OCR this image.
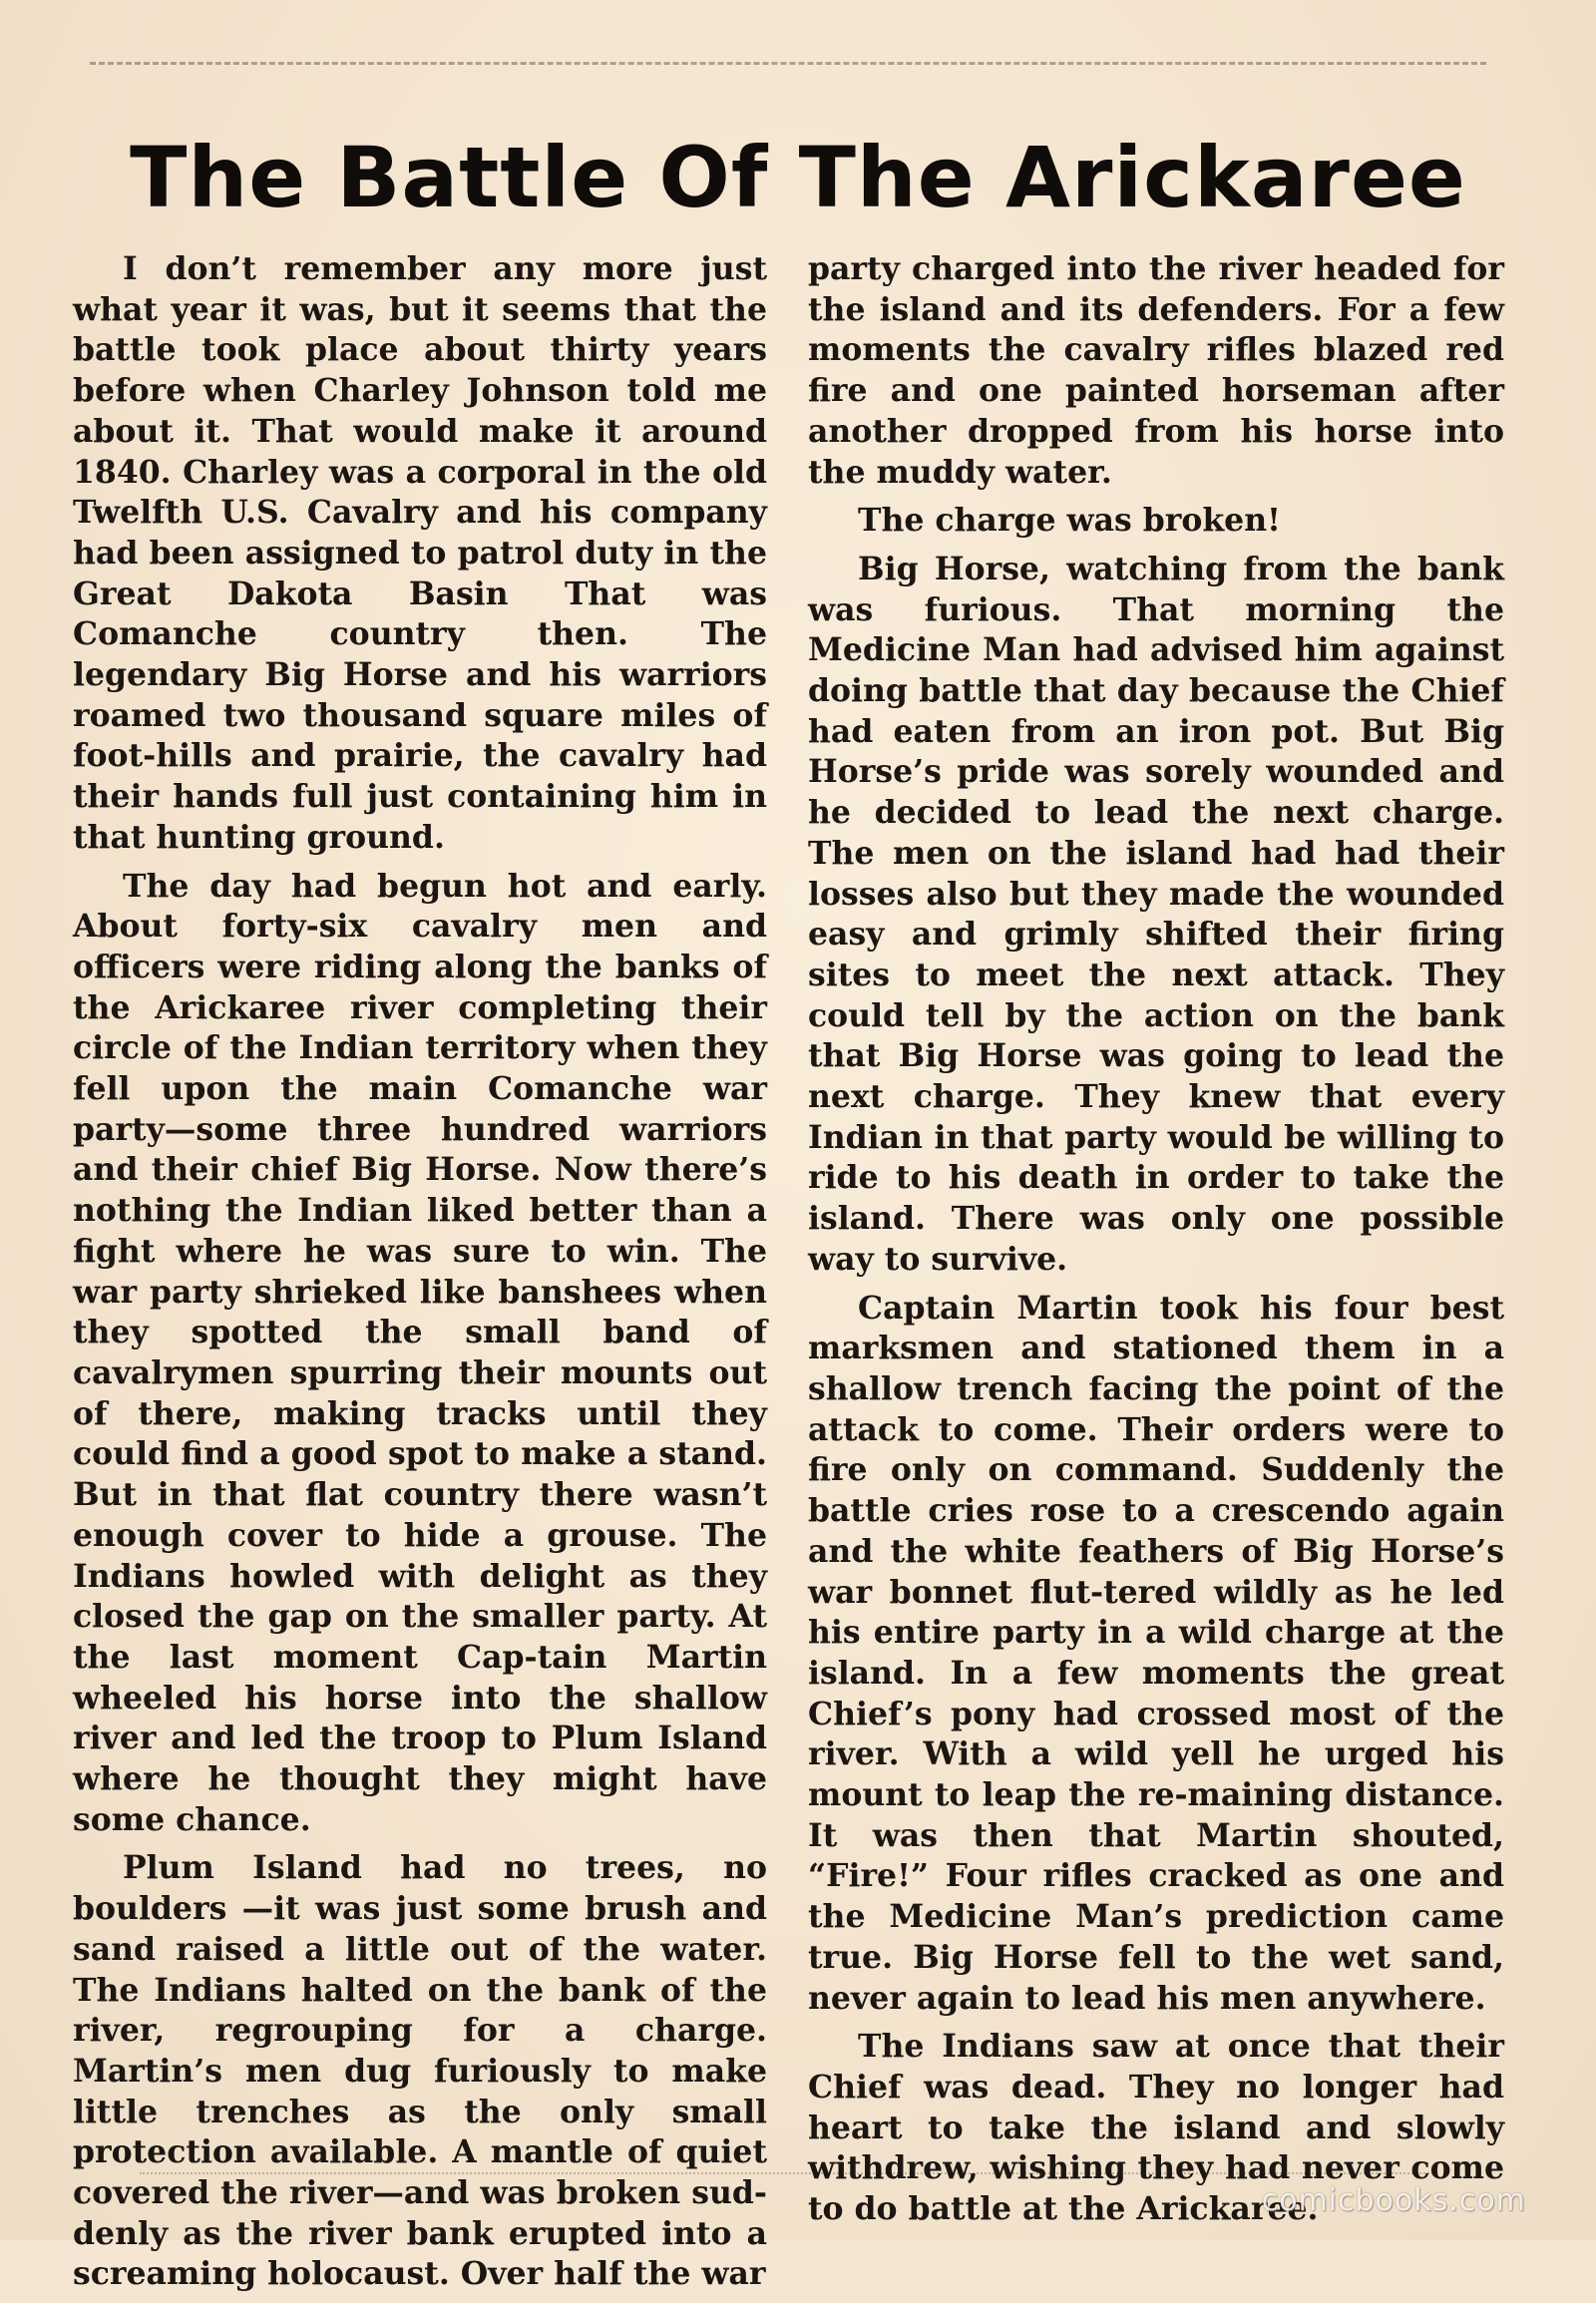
The Battle Of The Arickaree

I don’t remember any more just what year it was, but it seems that the battle took place about thirty years before when Charley Johnson told me about it. That would make it around 1840. Charley was a corporal in the old Twelfth U.S. Cavalry and his company had been assigned to patrol duty in the Great Dakota Basin That was Comanche country then. The legendary Big Horse and his warriors roamed two thousand square miles of foot-hills and prairie, the cavalry had their hands full just containing him in that hunting ground.

The day had begun hot and early. About forty-six cavalry men and officers were riding along the banks of the Arickaree river completing their circle of the Indian territory when they fell upon the main Comanche war party—some three hundred warriors and their chief Big Horse. Now there’s nothing the Indian liked better than a fight where he was sure to win. The war party shrieked like banshees when they spotted the small band of cavalrymen spurring their mounts out of there, making tracks until they could find a good spot to make a stand. But in that flat country there wasn’t enough cover to hide a grouse. The Indians howled with delight as they closed the gap on the smaller party. At the last moment Cap-tain Martin wheeled his horse into the shallow river and led the troop to Plum Island where he thought they might have some chance.

Plum Island had no trees, no boulders —it was just some brush and sand raised a little out of the water. The Indians halted on the bank of the river, regrouping for a charge. Martin’s men dug furiously to make little trenches as the only small protection available. A mantle of quiet covered the river—and was broken sud-denly as the river bank erupted into a screaming holocaust. Over half the war

party charged into the river headed for the island and its defenders. For a few moments the cavalry rifles blazed red fire and one painted horseman after another dropped from his horse into the muddy water.

The charge was broken!

Big Horse, watching from the bank was furious. That morning the Medicine Man had advised him against doing battle that day because the Chief had eaten from an iron pot. But Big Horse’s pride was sorely wounded and he decided to lead the next charge. The men on the island had had their losses also but they made the wounded easy and grimly shifted their firing sites to meet the next attack. They could tell by the action on the bank that Big Horse was going to lead the next charge. They knew that every Indian in that party would be willing to ride to his death in order to take the island. There was only one possible way to survive.

Captain Martin took his four best marksmen and stationed them in a shallow trench facing the point of the attack to come. Their orders were to fire only on command. Suddenly the battle cries rose to a crescendo again and the white feathers of Big Horse’s war bonnet flut-tered wildly as he led his entire party in a wild charge at the island. In a few moments the great Chief’s pony had crossed most of the river. With a wild yell he urged his mount to leap the re-maining distance. It was then that Martin shouted, “Fire!” Four rifles cracked as one and the Medicine Man’s prediction came true. Big Horse fell to the wet sand, never again to lead his men anywhere.

The Indians saw at once that their Chief was dead. They no longer had heart to take the island and slowly withdrew, wishing they had never come to do battle at the Arickaree.

comicbooks.com
